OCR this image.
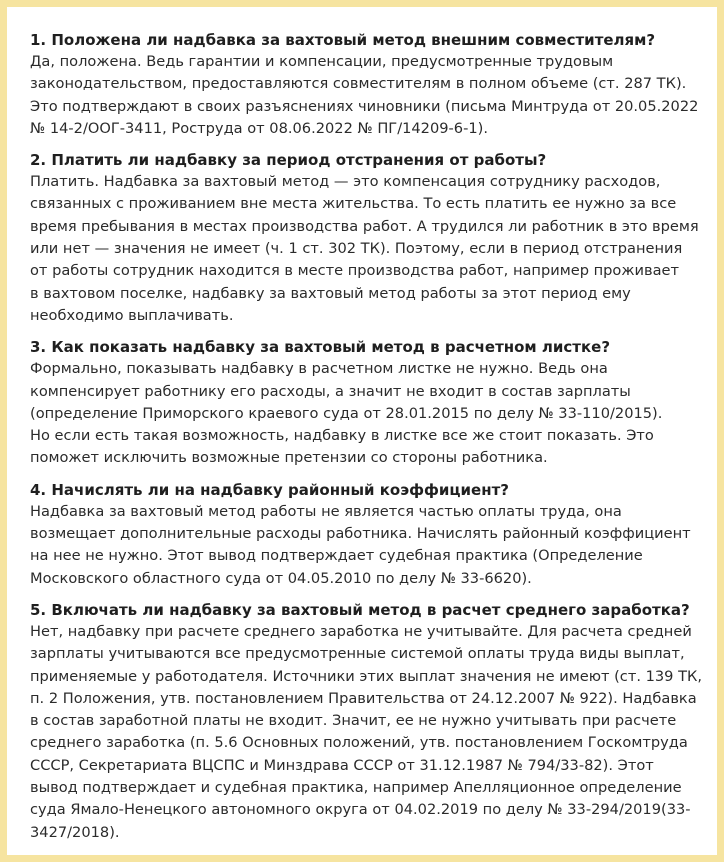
1. Положена ли надбавка за вахтовый метод внешним совместителям?
Да, положена. Ведь гарантии и компенсации, предусмотренные трудовым
законодательством, предоставляются совместителям в полном объеме (ст. 287 ТК).
Это подтверждают в своих разъяснениях чиновники (письма Минтруда от 20.05.2022
№ 14-2/ООГ-3411, Роструда от 08.06.2022 № ПГ/14209-6-1).
2. Платить ли надбавку за период отстранения от работы?
Платить. Надбавка за вахтовый метод — это компенсация сотруднику расходов,
связанных с проживанием вне места жительства. То есть платить ее нужно за все
время пребывания в местах производства работ. А трудился ли работник в это время
или нет — значения не имеет (ч. 1 ст. 302 ТК). Поэтому, если в период отстранения
от работы сотрудник находится в месте производства работ, например проживает
в вахтовом поселке, надбавку за вахтовый метод работы за этот период ему
необходимо выплачивать.
3. Как показать надбавку за вахтовый метод в расчетном листке?
Формально, показывать надбавку в расчетном листке не нужно. Ведь она
компенсирует работнику его расходы, а значит не входит в состав зарплаты
(определение Приморского краевого суда от 28.01.2015 по делу № 33-110/2015).
Но если есть такая возможность, надбавку в листке все же стоит показать. Это
поможет исключить возможные претензии со стороны работника.
4. Начислять ли на надбавку районный коэффициент?
Надбавка за вахтовый метод работы не является частью оплаты труда, она
возмещает дополнительные расходы работника. Начислять районный коэффициент
на нее не нужно. Этот вывод подтверждает судебная практика (Определение
Московского областного суда от 04.05.2010 по делу № 33-6620).
5. Включать ли надбавку за вахтовый метод в расчет среднего заработка?
Нет, надбавку при расчете среднего заработка не учитывайте. Для расчета средней
зарплаты учитываются все предусмотренные системой оплаты труда виды выплат,
применяемые у работодателя. Источники этих выплат значения не имеют (ст. 139 ТК,
п. 2 Положения, утв. постановлением Правительства от 24.12.2007 № 922). Надбавка
в состав заработной платы не входит. Значит, ее не нужно учитывать при расчете
среднего заработка (п. 5.6 Основных положений, утв. постановлением Госкомтруда
СССР, Секретариата ВЦСПС и Минздрава СССР от 31.12.1987 № 794/33-82). Этот
вывод подтверждает и судебная практика, например Апелляционное определение
суда Ямало-Ненецкого автономного округа от 04.02.2019 по делу № 33-294/2019(33-
3427/2018).
